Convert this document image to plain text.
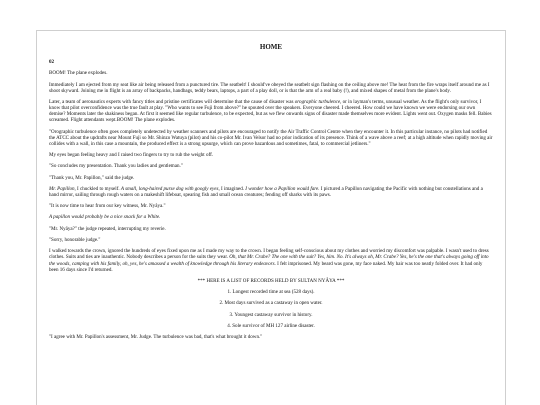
HOME

02

BOOM! The plane explodes.

Immediately I am ejected from my seat like air being released from a punctured tire. The seatbelt! I should've obeyed the seatbelt sign flashing on the ceiling above me! The heat from the fire wraps itself around me as I shoot skyward. Joining me in flight is an array of backpacks, handbags, teddy bears, laptops, a part of a play doll, or is that the arm of a real baby (!), and mixed shapes of metal from the plane's body.

Later, a team of aeronautics experts with fancy titles and pristine certificates will determine that the cause of disaster was orographic turbulence, or in layman's terms, unusual weather. As the flight's only survivor, I know that pilot overconfidence was the true fault at play. "Who wants to see Fuji from above?" he spouted over the speakers. Everyone cheered. I cheered. How could we have known we were endorsing our own demise? Moments later the shakiness began. At first it seemed like regular turbulence, to be expected, but as we flew onwards signs of disaster made themselves more evident. Lights went out. Oxygen masks fell. Babies screamed. Flight attendants wept.BOOM! The plane explodes.

"Orographic turbulence often goes completely undetected by weather scanners and pilots are encouraged to notify the Air Traffic Control Centre when they encounter it. In this particular instance, no pilots had notified the ATCC about the updrafts near Mount Fuji so Mr. Shinzo Watuya (pilot) and his co-pilot Mr. Ivan Velsor had no prior indication of its presence. Think of a wave above a reef; at a high altitude when rapidly moving air collides with a wall, in this case a mountain, the produced effect is a strong upsurge, which can prove hazardous and sometimes, fatal, to commercial jetliners."

My eyes began feeling heavy and I raised two fingers to try to rub the weight off.

"So concludes my presentation. Thank you ladies and gentleman."

"Thank you, Mr. Papillon," said the judge.

Mr. Papillon, I chuckled to myself. A small, long-haired purse dog with googly eyes, I imagined. I wonder how a Papillon would fare. I pictured a Papillon navigating the Pacific with nothing but constellations and a hand mirror, sailing through rough waters on a makeshift lifeboat, spearing fish and small ocean creatures; fending off sharks with its paws.

"It is now time to hear from our key witness, Mr. Nyâya."

A papillon would probably be a nice snack for a White.

"Mr. Nyâya?" the judge repeated, interrupting my reverie.

"Sorry, honorable judge."

I walked towards the crown, ignored the hundreds of eyes fixed upon me as I made my way to the crown. I began feeling self-conscious about my clothes and worried my discomfort was palpable. I wasn't used to dress clothes. Suits and ties are inauthentic. Nobody describes a person for the suits they wear. Oh, that Mr. Crabe? The one with the suit? Yes, him. No. It's always oh, Mr. Crabe? Yes, he's the one that's always going off into the woods, camping with his family, oh, yes, he's amassed a wealth of knowledge through his literary endeavors. I felt imprisoned. My beard was gone, my face naked. My hair was too neatly folded over. It had only been 16 days since I'd returned.

*** HERE IS A LIST OF RECORDS HELD BY SULTAN NYÂYA ***

1. Longest recorded time at sea (528 days).

2. Most days survived as a castaway in open water.

3. Youngest castaway survivor in history.

4. Sole survivor of MH 127 airline disaster.

"I agree with Mr. Papillon's assessment, Mr. Judge. The turbulence was bad, that's what brought it down."
